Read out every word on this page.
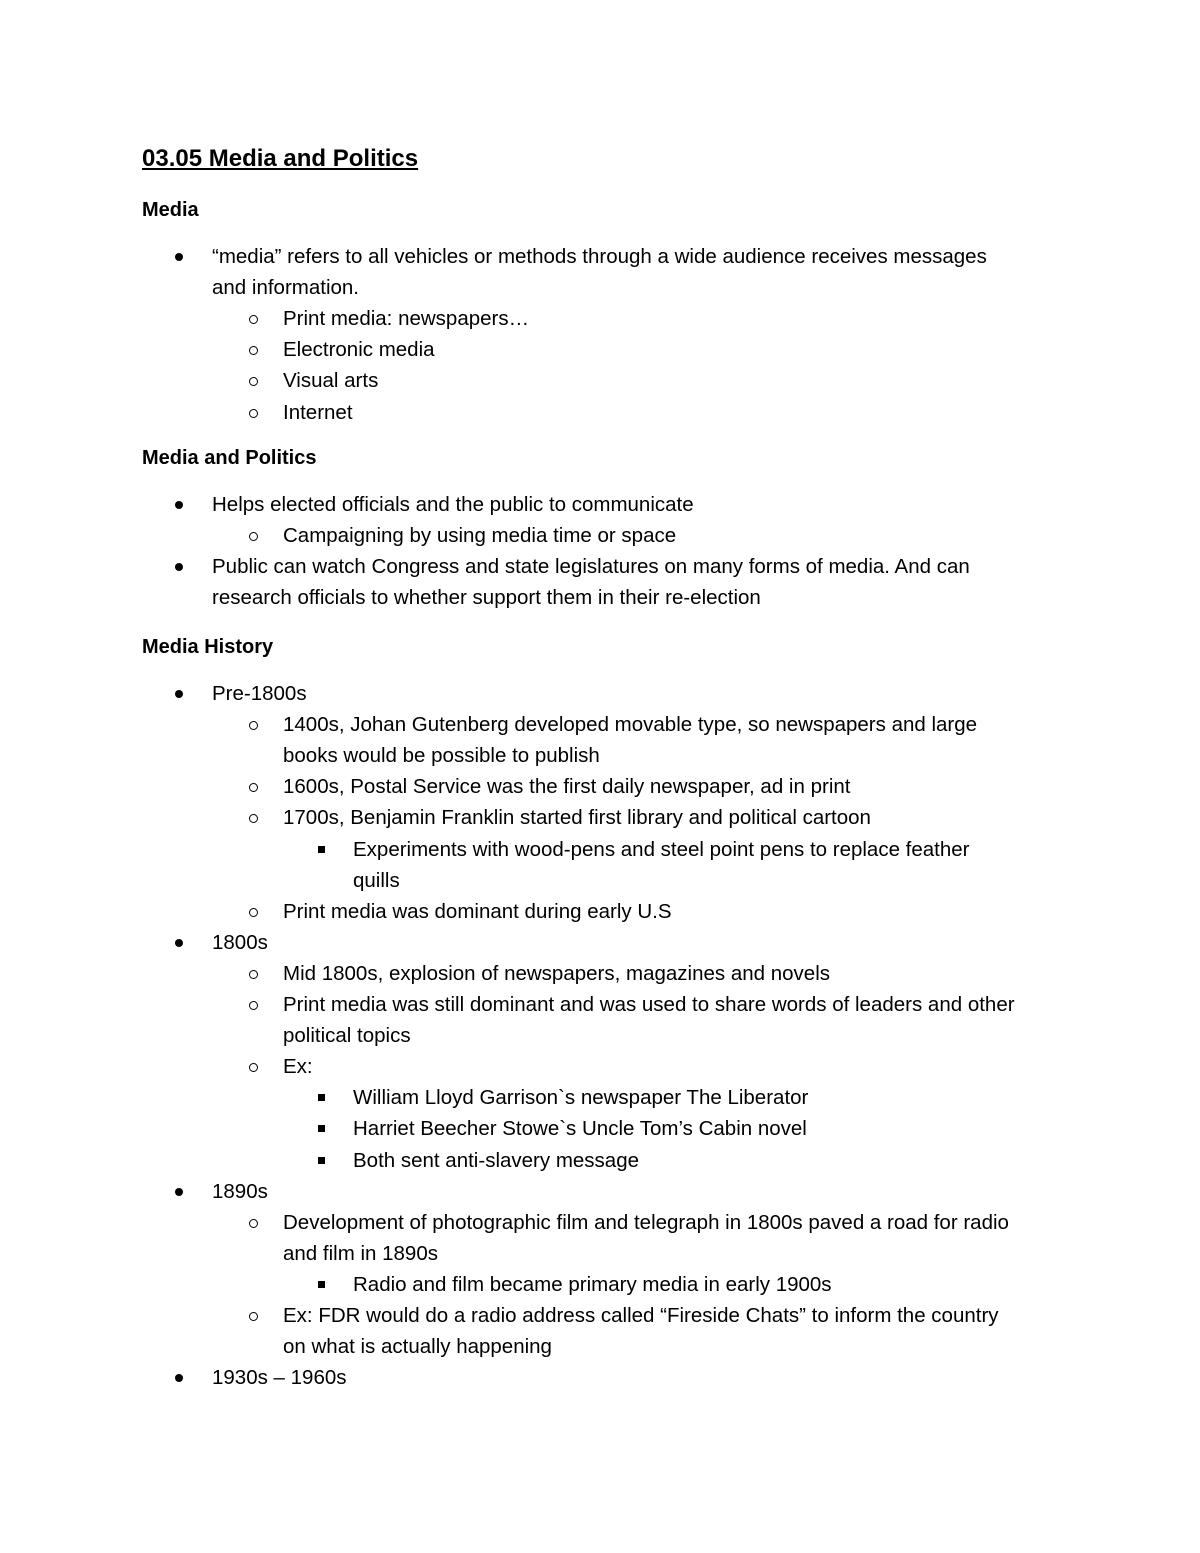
03.05 Media and Politics
Media
“media” refers to all vehicles or methods through a wide audience receives messages
and information.
Print media: newspapers…
Electronic media
Visual arts
Internet
Media and Politics
Helps elected officials and the public to communicate
Campaigning by using media time or space
Public can watch Congress and state legislatures on many forms of media. And can
research officials to whether support them in their re-election
Media History
Pre-1800s
1400s, Johan Gutenberg developed movable type, so newspapers and large
books would be possible to publish
1600s, Postal Service was the first daily newspaper, ad in print
1700s, Benjamin Franklin started first library and political cartoon
Experiments with wood-pens and steel point pens to replace feather
quills
Print media was dominant during early U.S
1800s
Mid 1800s, explosion of newspapers, magazines and novels
Print media was still dominant and was used to share words of leaders and other
political topics
Ex:
William Lloyd Garrison`s newspaper The Liberator
Harriet Beecher Stowe`s Uncle Tom’s Cabin novel
Both sent anti-slavery message
1890s
Development of photographic film and telegraph in 1800s paved a road for radio
and film in 1890s
Radio and film became primary media in early 1900s
Ex: FDR would do a radio address called “Fireside Chats” to inform the country
on what is actually happening
1930s – 1960s
